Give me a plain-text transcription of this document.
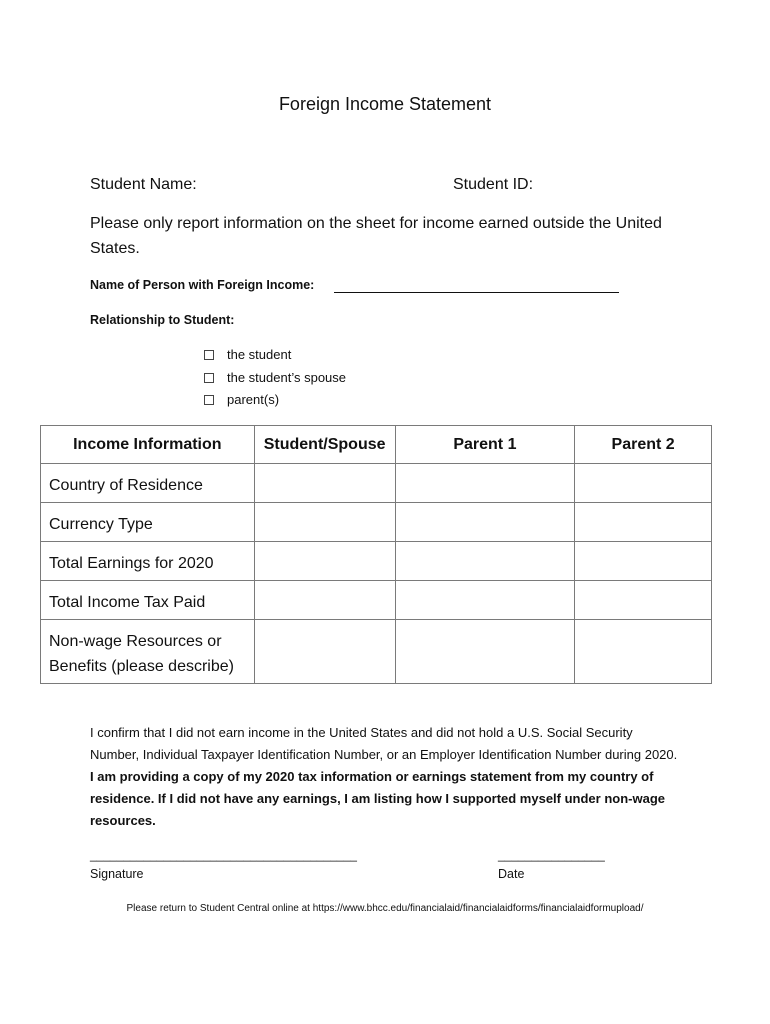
Foreign Income Statement
Student Name:	Student ID:
Please only report information on the sheet for income earned outside the United States.
Name of Person with Foreign Income:
Relationship to Student:
the student
the student’s spouse
parent(s)
Income Information	Student/Spouse	Parent 1	Parent 2
Country of Residence			
Currency Type			
Total Earnings for 2020			
Total Income Tax Paid			
Non-wage Resources or Benefits (please describe)			
I confirm that I did not earn income in the United States and did not hold a U.S. Social Security Number, Individual Taxpayer Identification Number, or an Employer Identification Number during 2020. I am providing a copy of my 2020 tax information or earnings statement from my country of residence. If I did not have any earnings, I am listing how I supported myself under non-wage resources.
________________________________________	________________
Signature	Date
Please return to Student Central online at https://www.bhcc.edu/financialaid/financialaidforms/financialaidformupload/
